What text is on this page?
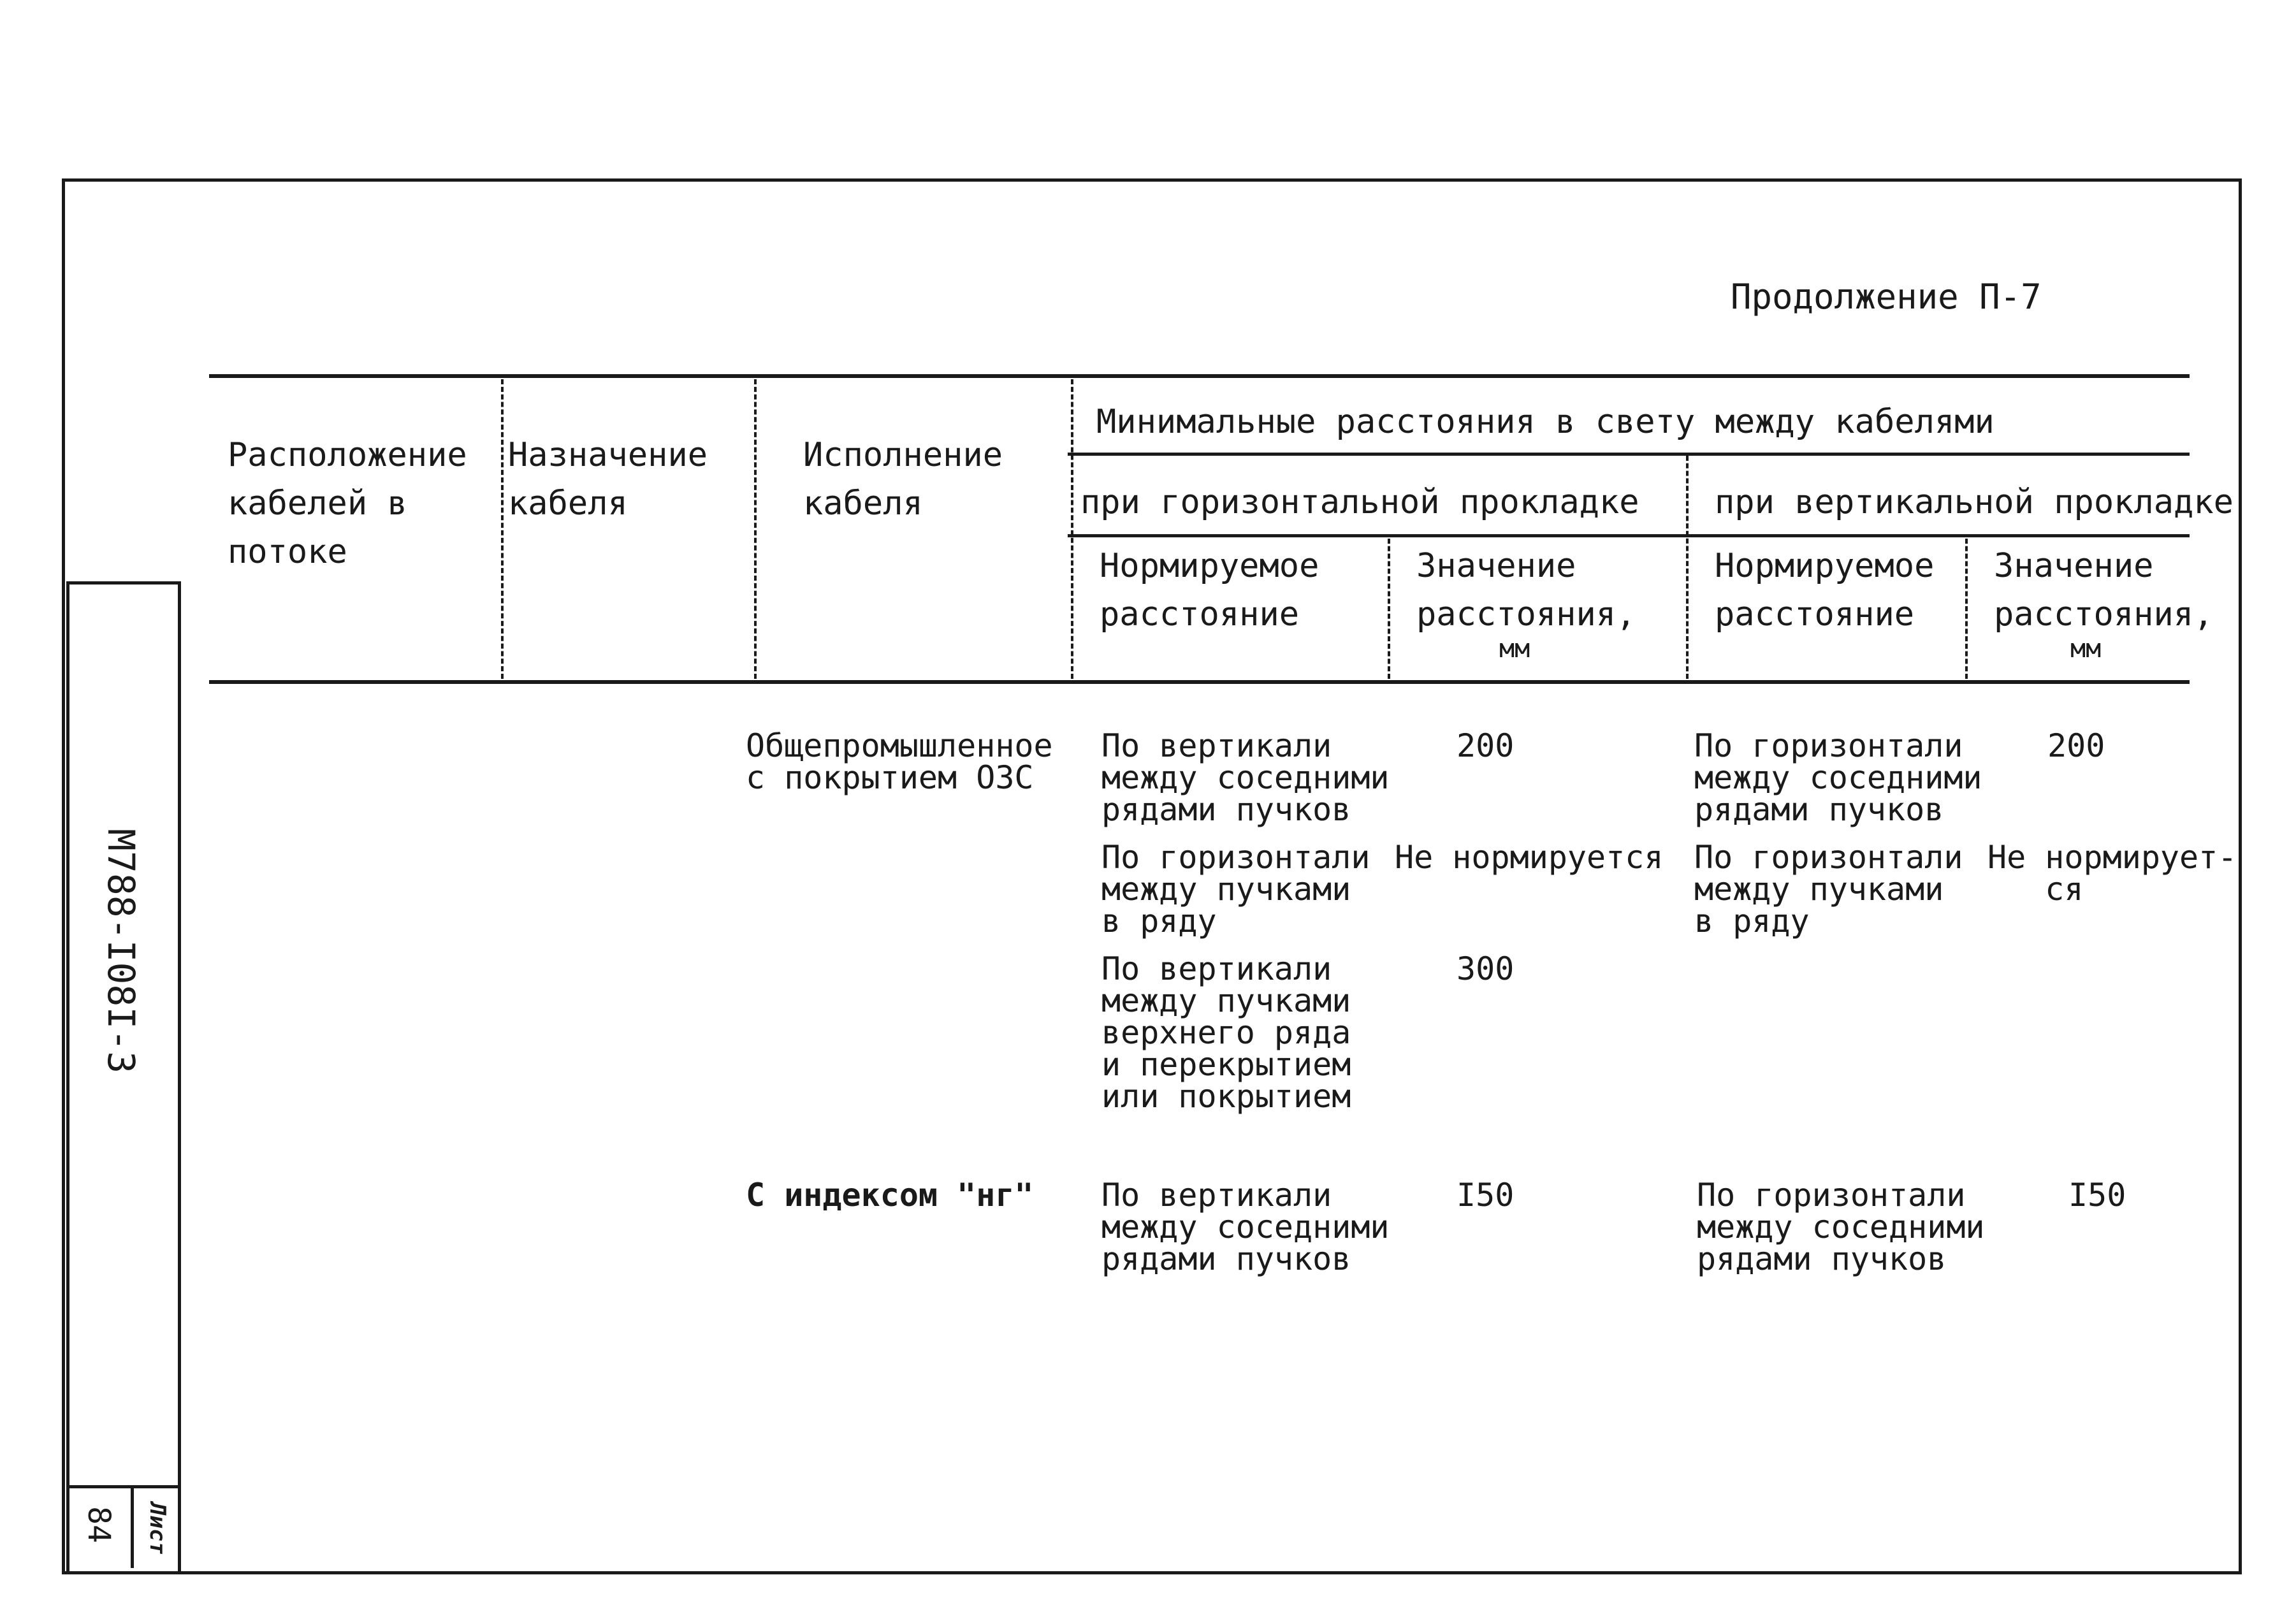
М788-I08I-3
84 Лист
Продолжение П-7
Расположение
кабелей в
потоке
Назначение
кабеля
Исполнение
кабеля
Минимальные расстояния в свету между кабелями
при горизонтальной прокладке при вертикальной прокладке
Нормируемое
расстояние
Значение
расстояния,
мм
Нормируемое
расстояние
Значение
расстояния,
мм
Общепромышленное
с покрытием ОЗС
По вертикали
между соседними
рядами пучков
200	По горизонтали
между соседними
рядами пучков
200
По горизонтали
между пучками
в ряду
Не нормируется По горизонтали
между пучками
в ряду
Не нормирует-
ся
По вертикали
между пучками
верхнего ряда
и перекрытием
или покрытием
300
С индексом "нг" По вертикали
между соседними
рядами пучков
I50	По горизонтали
между соседними
рядами пучков
I50
